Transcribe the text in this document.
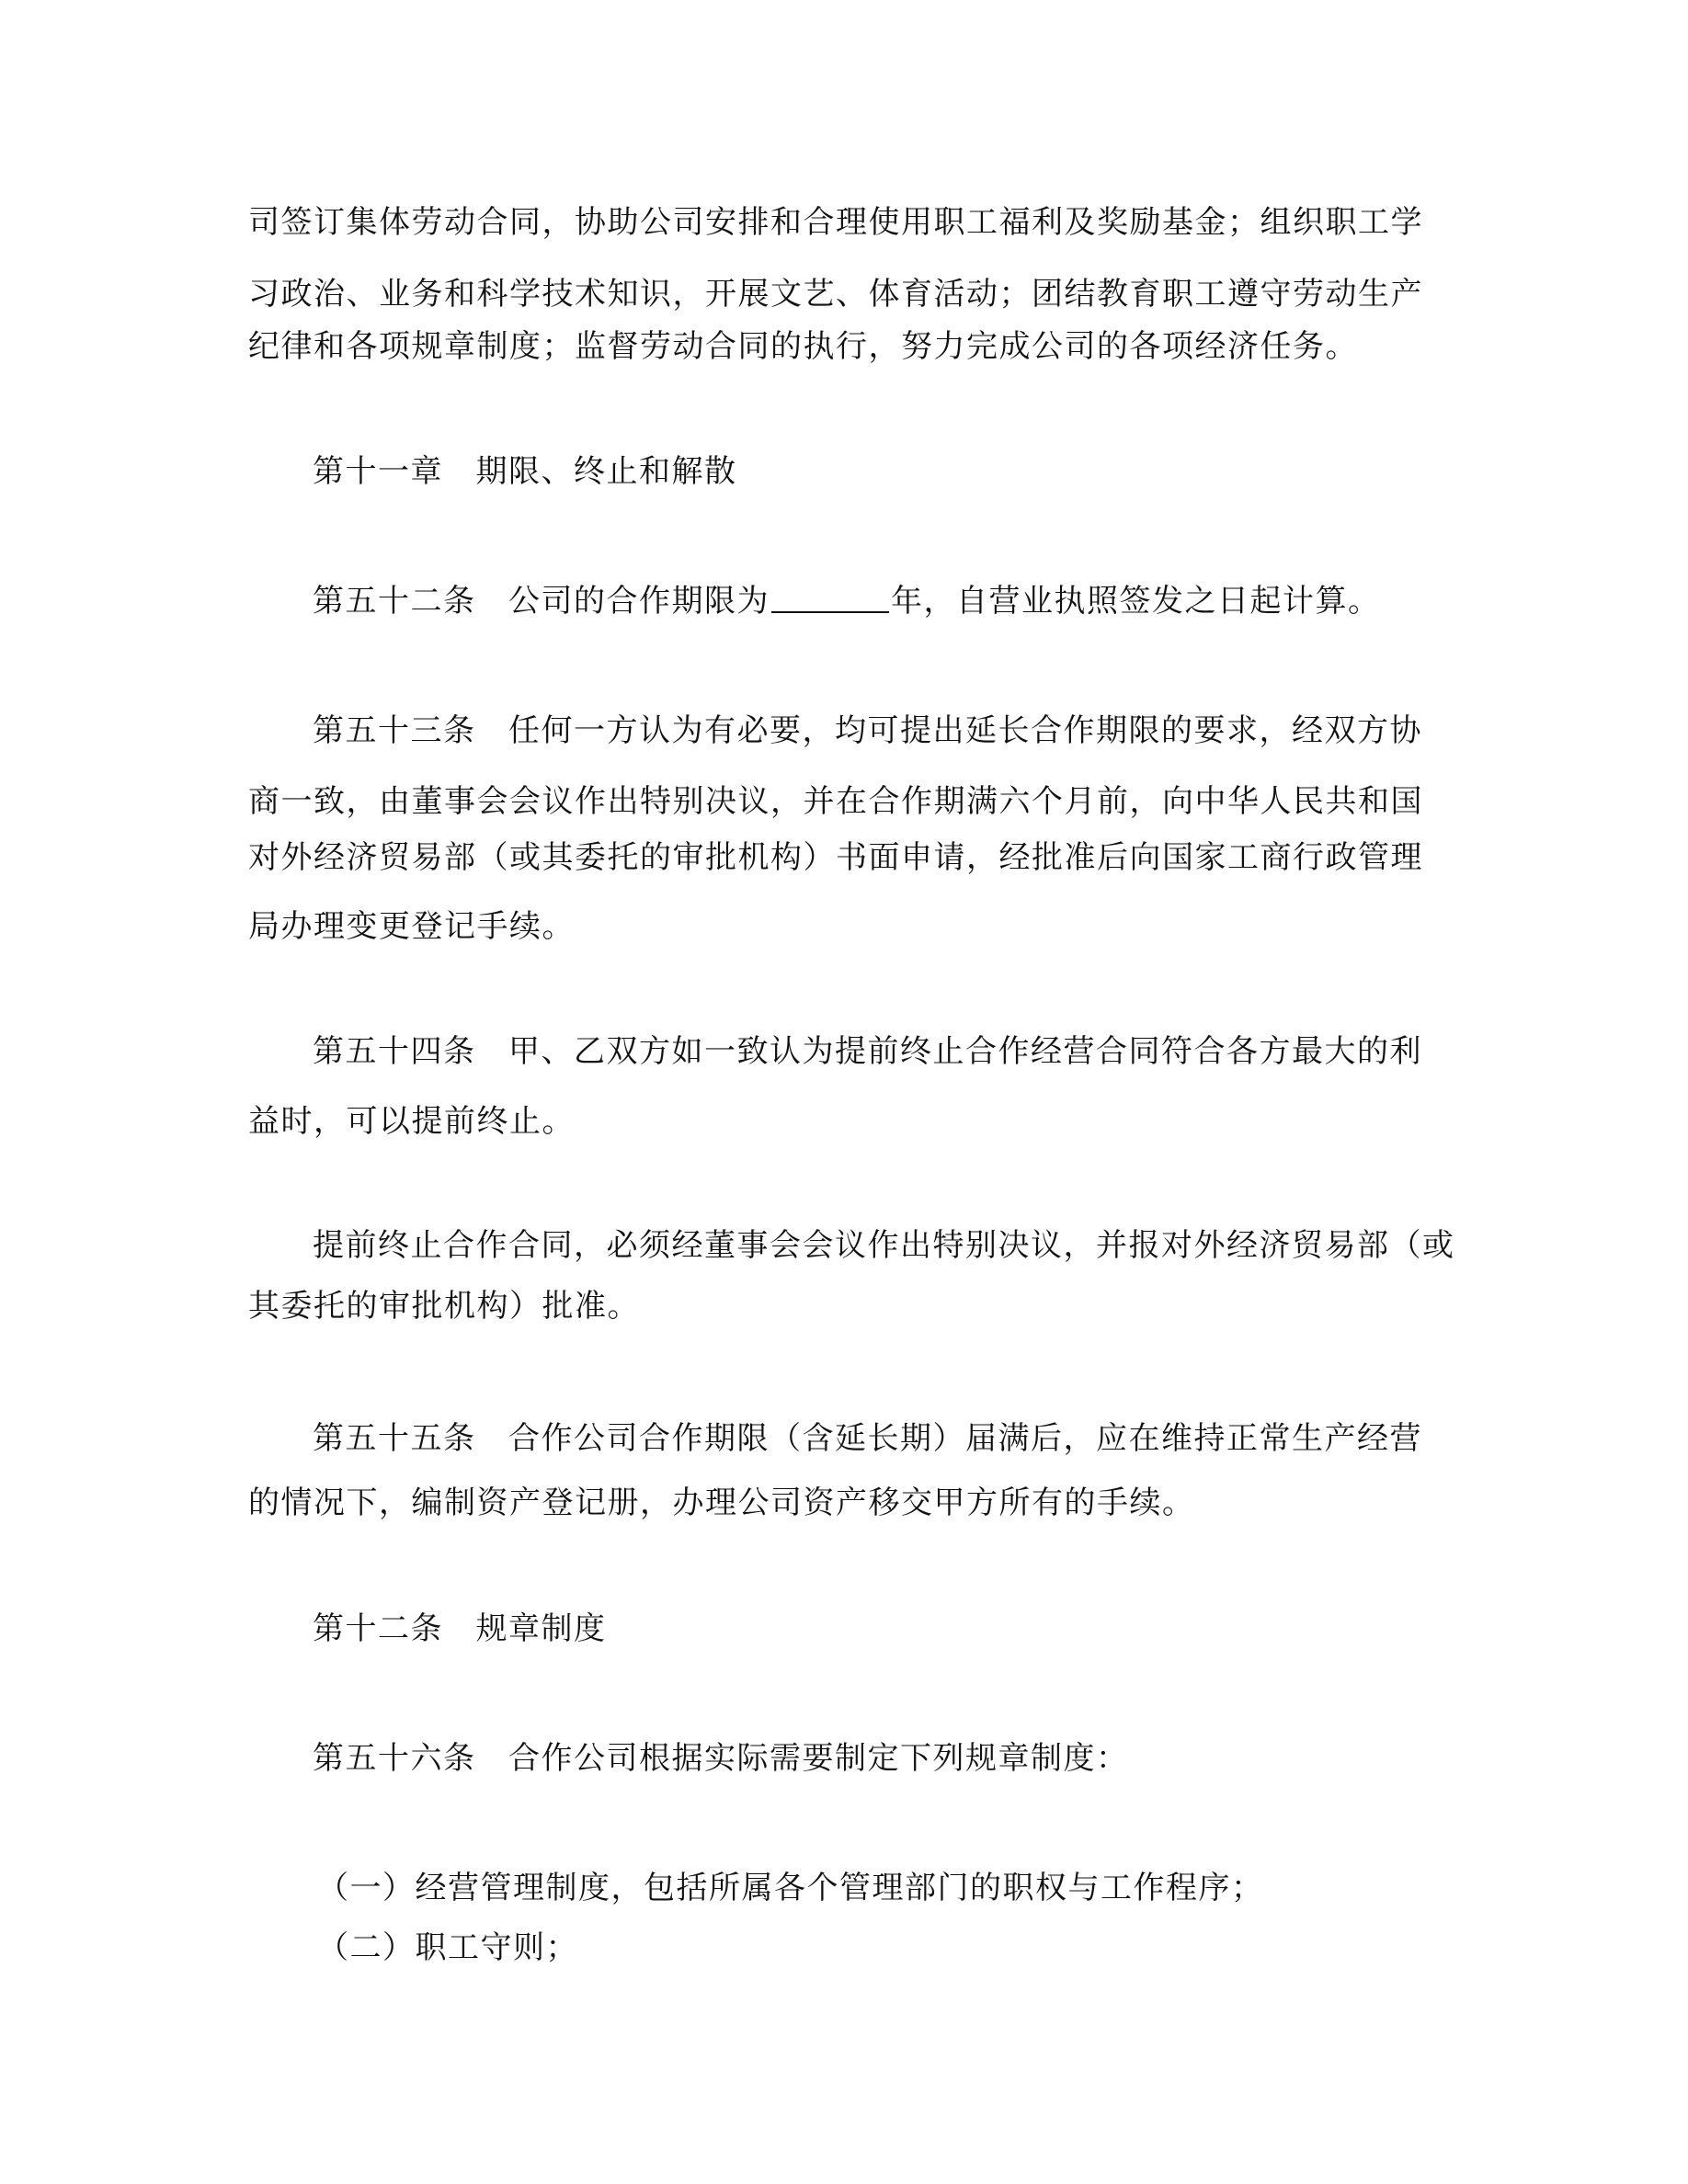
司签订集体劳动合同，协助公司安排和合理使用职工福利及奖励基金；组织职工学
习政治、业务和科学技术知识，开展文艺、体育活动；团结教育职工遵守劳动生产
纪律和各项规章制度；监督劳动合同的执行，努力完成公司的各项经济任务。
第十一章　期限、终止和解散
第五十二条　公司的合作期限为	年，自营业执照签发之日起计算。
第五十三条　任何一方认为有必要，均可提出延长合作期限的要求，经双方协
商一致，由董事会会议作出特别决议，并在合作期满六个月前，向中华人民共和国
对外经济贸易部（或其委托的审批机构）书面申请，经批准后向国家工商行政管理
局办理变更登记手续。
第五十四条　甲、乙双方如一致认为提前终止合作经营合同符合各方最大的利
益时，可以提前终止。
提前终止合作合同，必须经董事会会议作出特别决议，并报对外经济贸易部（或
其委托的审批机构）批准。
第五十五条　合作公司合作期限（含延长期）届满后，应在维持正常生产经营
的情况下，编制资产登记册，办理公司资产移交甲方所有的手续。
第十二条　规章制度
第五十六条　合作公司根据实际需要制定下列规章制度：
（一）经营管理制度，包括所属各个管理部门的职权与工作程序；
（二）职工守则；
